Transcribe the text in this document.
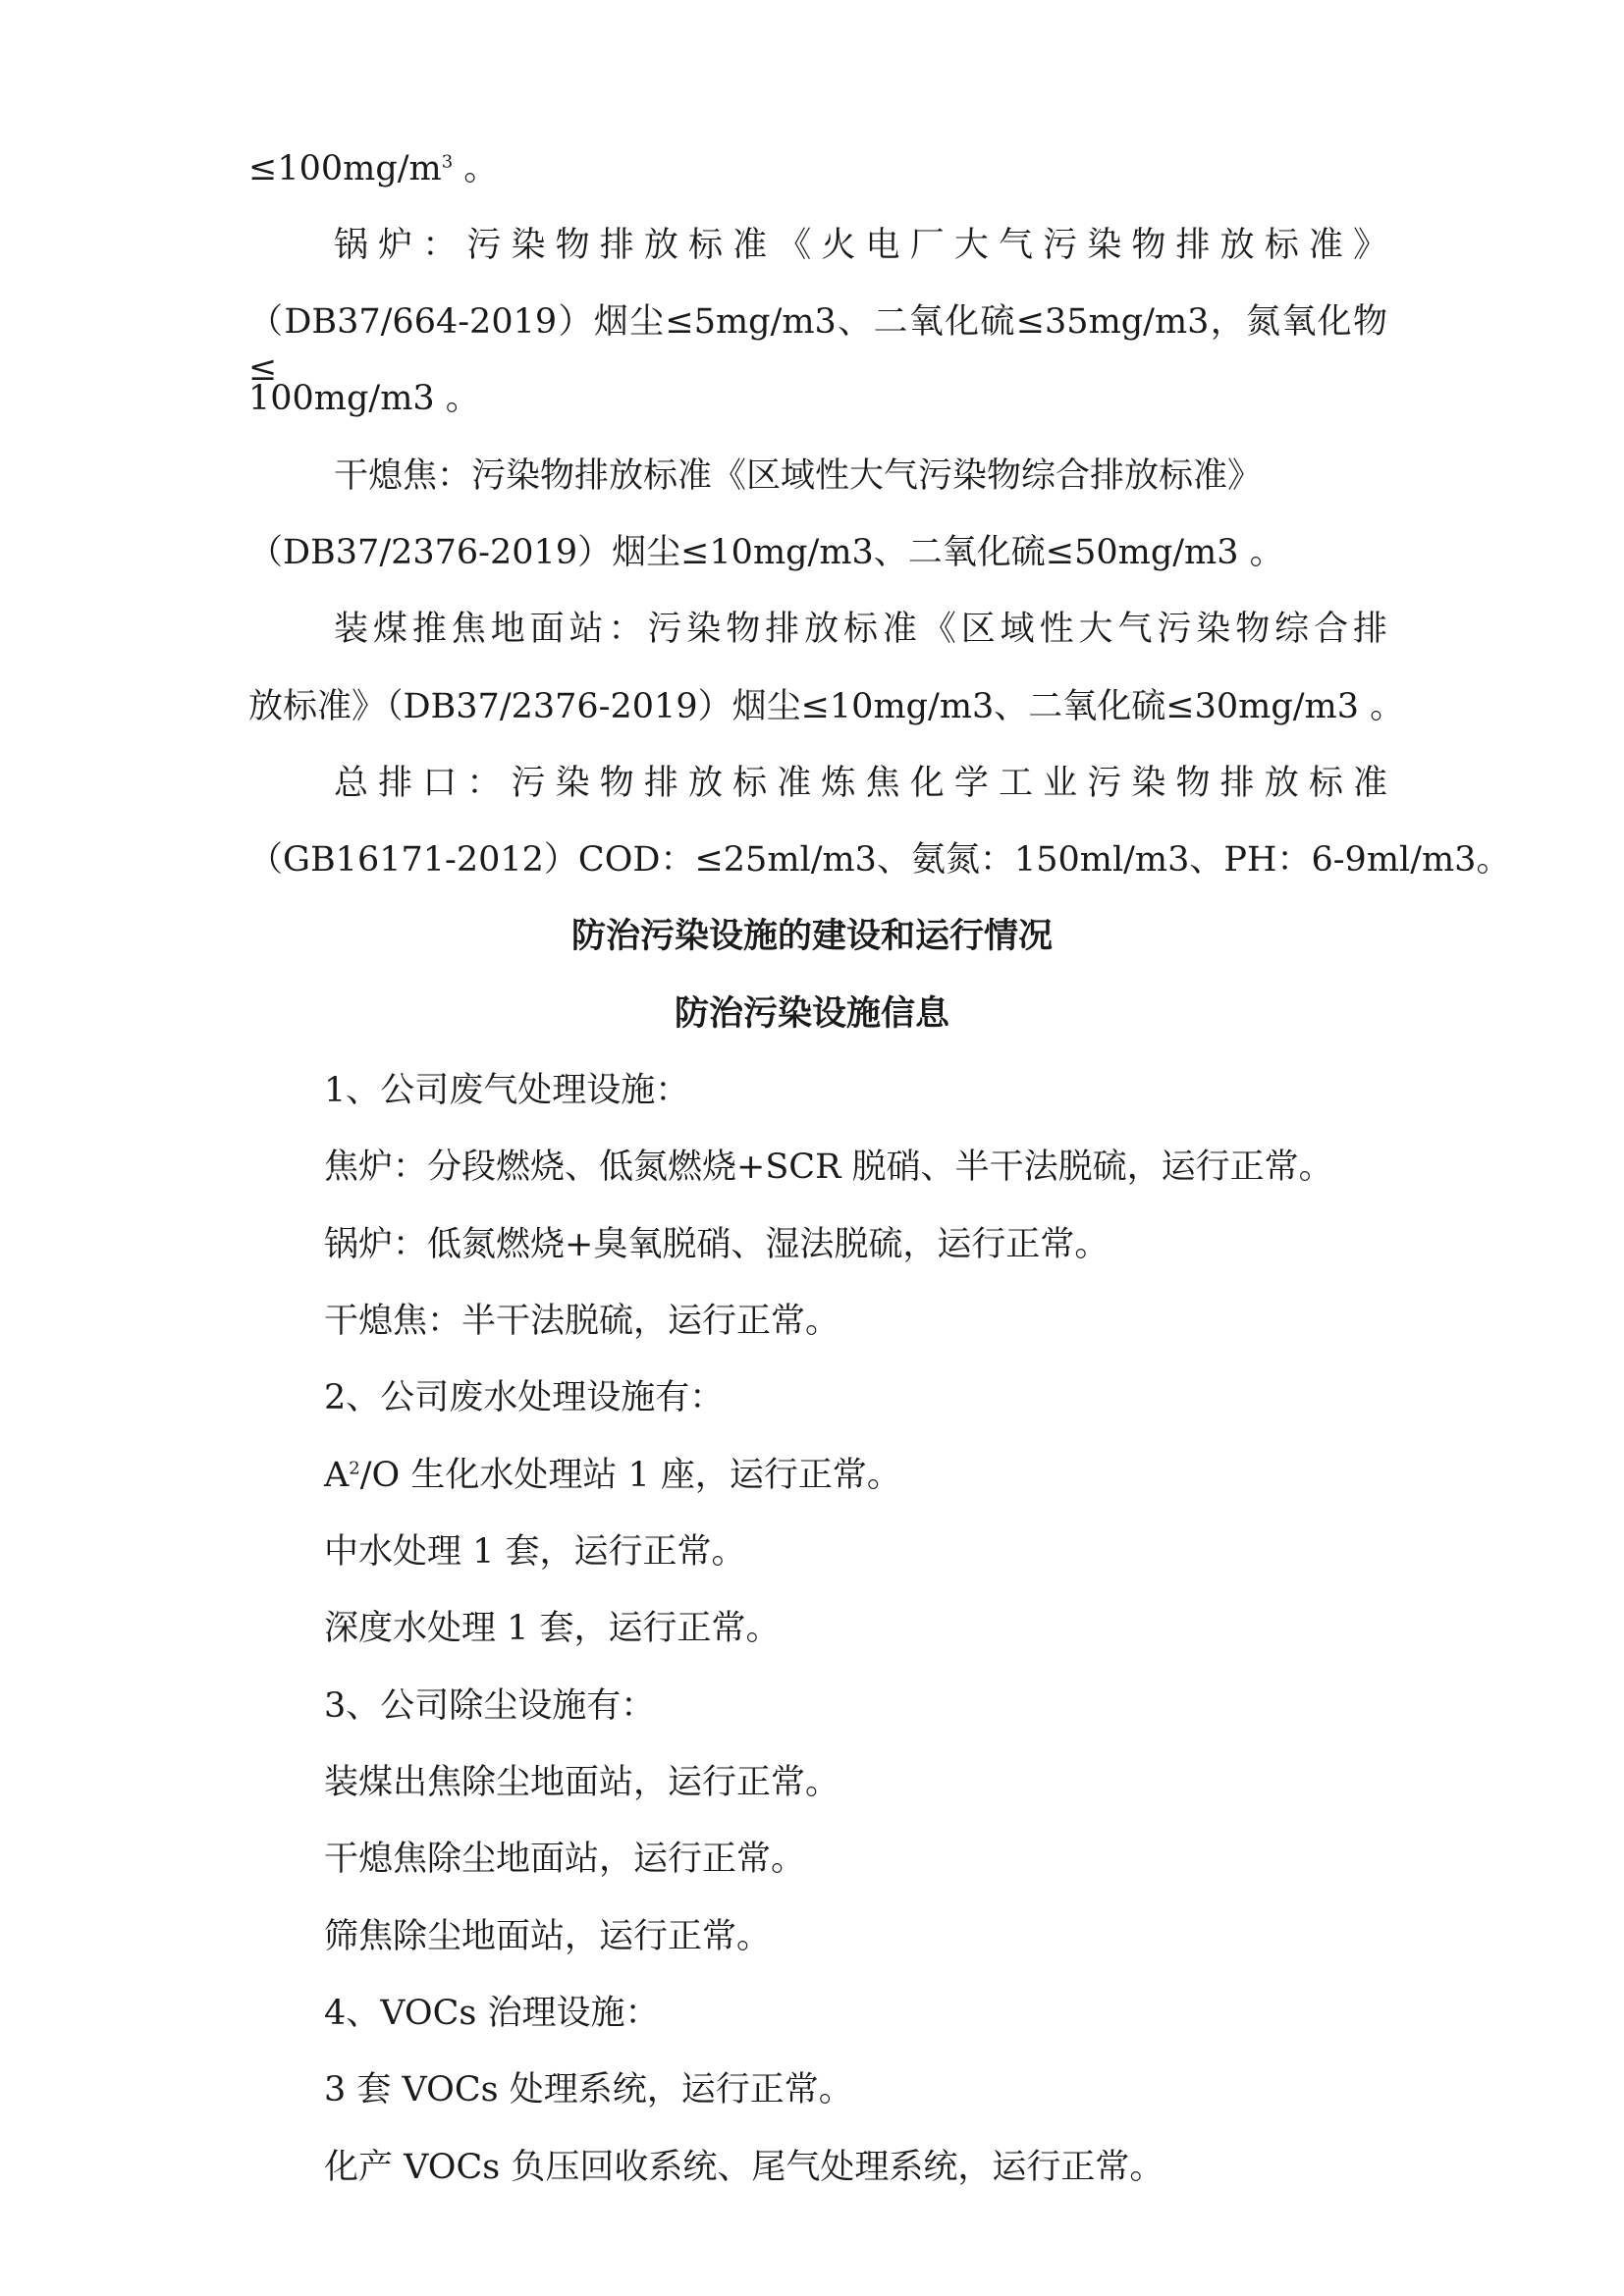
$\le 100mg/m^3$ 。
锅炉：污染物排放标准《火电厂大气污染物排放标准》
（DB37/664-2019）烟尘≤5mg/m3、二氧化硫≤35mg/m3，氮氧化物≤
100mg/m3 。
干熄焦：污染物排放标准《区域性大气污染物综合排放标准》
（DB37/2376-2019）烟尘≤10mg/m3、二氧化硫≤50mg/m3 。
装煤推焦地面站：污染物排放标准《区域性大气污染物综合排
放标准》（DB37/2376-2019）烟尘≤10mg/m3、二氧化硫≤30mg/m3 。
总排口：污染物排放标准炼焦化学工业污染物排放标准
（GB16171-2012）COD：≤25ml/m3、氨氮：150ml/m3、PH：6-9ml/m3。
防治污染设施的建设和运行情况
防治污染设施信息
1、公司废气处理设施：
焦炉：分段燃烧、低氮燃烧+SCR 脱硝、半干法脱硫，运行正常。
锅炉：低氮燃烧+臭氧脱硝、湿法脱硫，运行正常。
干熄焦：半干法脱硫，运行正常。
2、公司废水处理设施有：
$A^2/O$ 生化水处理站 1 座，运行正常。
中水处理 1 套，运行正常。
深度水处理 1 套，运行正常。
3、公司除尘设施有：
装煤出焦除尘地面站，运行正常。
干熄焦除尘地面站，运行正常。
筛焦除尘地面站，运行正常。
4、VOCs 治理设施：
3 套 VOCs 处理系统，运行正常。
化产 VOCs 负压回收系统、尾气处理系统，运行正常。
